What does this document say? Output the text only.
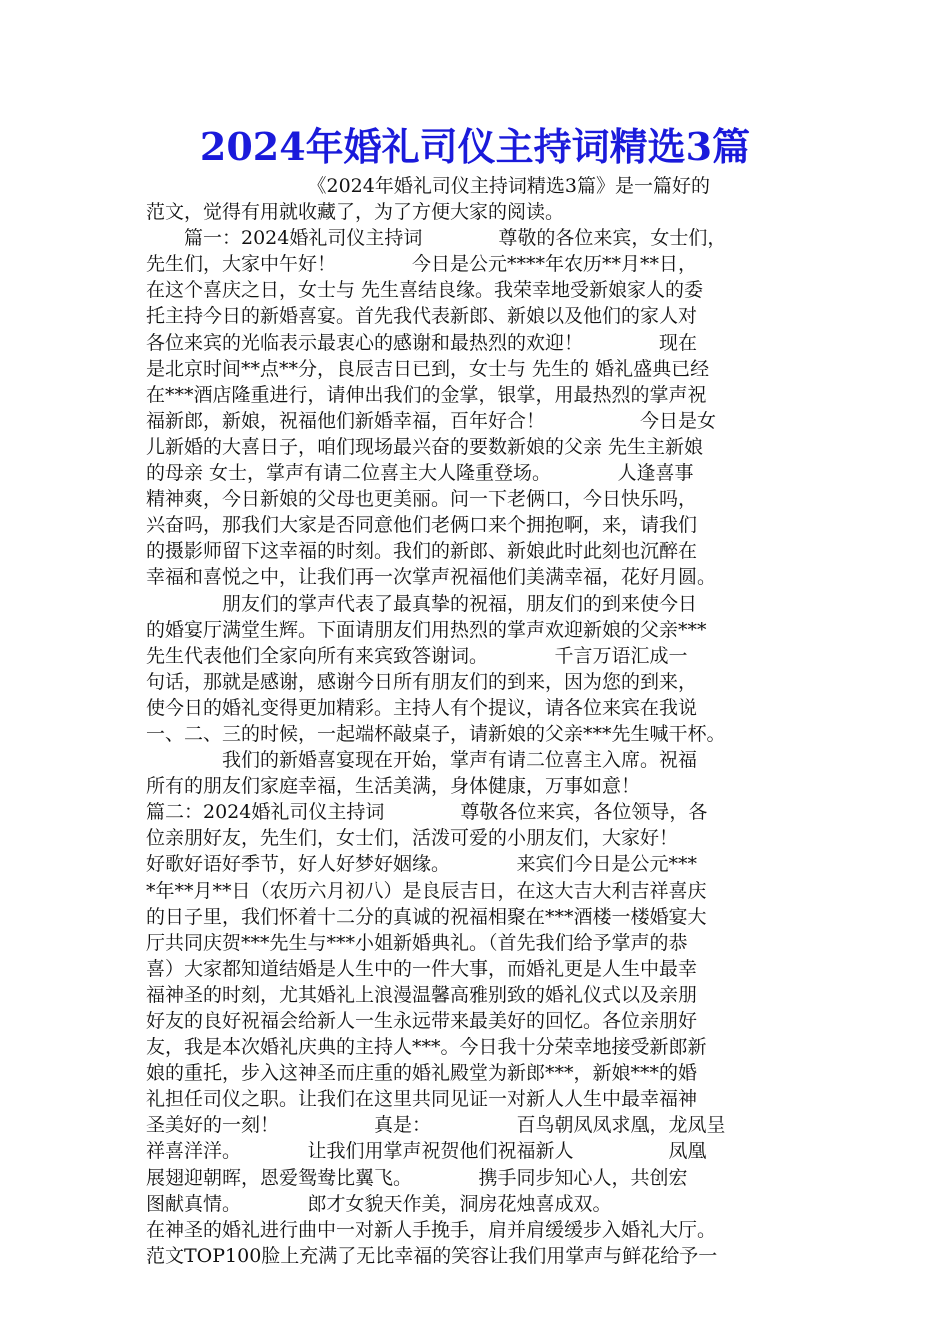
2024年婚礼司仪主持词精选3篇
　　　　　　　　　《2024年婚礼司仪主持词精选3篇》是一篇好的
范文，觉得有用就收藏了，为了方便大家的阅读。
　　篇一：2024婚礼司仪主持词　　　　尊敬的各位来宾，女士们，
先生们，大家中午好！　　　　今日是公元****年农历**月**日，
在这个喜庆之日，女士与 先生喜结良缘。我荣幸地受新娘家人的委
托主持今日的新婚喜宴。首先我代表新郎、新娘以及他们的家人对
各位来宾的光临表示最衷心的感谢和最热烈的欢迎！　　　　现在
是北京时间**点**分，良辰吉日已到，女士与 先生的 婚礼盛典已经
在***酒店隆重进行，请伸出我们的金掌，银掌，用最热烈的掌声祝
福新郎，新娘，祝福他们新婚幸福，百年好合！　　　　　今日是女
儿新婚的大喜日子，咱们现场最兴奋的要数新娘的父亲 先生主新娘
的母亲 女士，掌声有请二位喜主大人隆重登场。　　　　人逢喜事
精神爽，今日新娘的父母也更美丽。问一下老俩口，今日快乐吗，
兴奋吗，那我们大家是否同意他们老俩口来个拥抱啊，来，请我们
的摄影师留下这幸福的时刻。我们的新郎、新娘此时此刻也沉醉在
幸福和喜悦之中，让我们再一次掌声祝福他们美满幸福，花好月圆。
　　　　朋友们的掌声代表了最真挚的祝福，朋友们的到来使今日
的婚宴厅满堂生辉。下面请朋友们用热烈的掌声欢迎新娘的父亲***
先生代表他们全家向所有来宾致答谢词。　　　　千言万语汇成一
句话，那就是感谢，感谢今日所有朋友们的到来，因为您的到来，
使今日的婚礼变得更加精彩。主持人有个提议，请各位来宾在我说
一、二、三的时候，一起端杯敲桌子，请新娘的父亲***先生喊干杯。
　　　　我们的新婚喜宴现在开始，掌声有请二位喜主入席。祝福
所有的朋友们家庭幸福，生活美满，身体健康，万事如意！
篇二：2024婚礼司仪主持词　　　　尊敬各位来宾，各位领导，各
位亲朋好友，先生们，女士们，活泼可爱的小朋友们，大家好！
好歌好语好季节，好人好梦好姻缘。　　　　来宾们今日是公元***
*年**月**日（农历六月初八）是良辰吉日，在这大吉大利吉祥喜庆
的日子里，我们怀着十二分的真诚的祝福相聚在***酒楼一楼婚宴大
厅共同庆贺***先生与***小姐新婚典礼。（首先我们给予掌声的恭
喜）大家都知道结婚是人生中的一件大事，而婚礼更是人生中最幸
福神圣的时刻，尤其婚礼上浪漫温馨高雅别致的婚礼仪式以及亲朋
好友的良好祝福会给新人一生永远带来最美好的回忆。各位亲朋好
友，我是本次婚礼庆典的主持人***。今日我十分荣幸地接受新郎新
娘的重托，步入这神圣而庄重的婚礼殿堂为新郎***，新娘***的婚
礼担任司仪之职。让我们在这里共同见证一对新人人生中最幸福神
圣美好的一刻！　　　　　真是：　　　　　百鸟朝凤凤求凰，龙凤呈
祥喜洋洋。　　　　让我们用掌声祝贺他们祝福新人　　　　　凤凰
展翅迎朝晖，恩爱鸳鸯比翼飞。　　　　携手同步知心人，共创宏
图献真情。　　　　郎才女貌天作美，洞房花烛喜成双。
在神圣的婚礼进行曲中一对新人手挽手，肩并肩缓缓步入婚礼大厅。
范文TOP100脸上充满了无比幸福的笑容让我们用掌声与鲜花给予一
